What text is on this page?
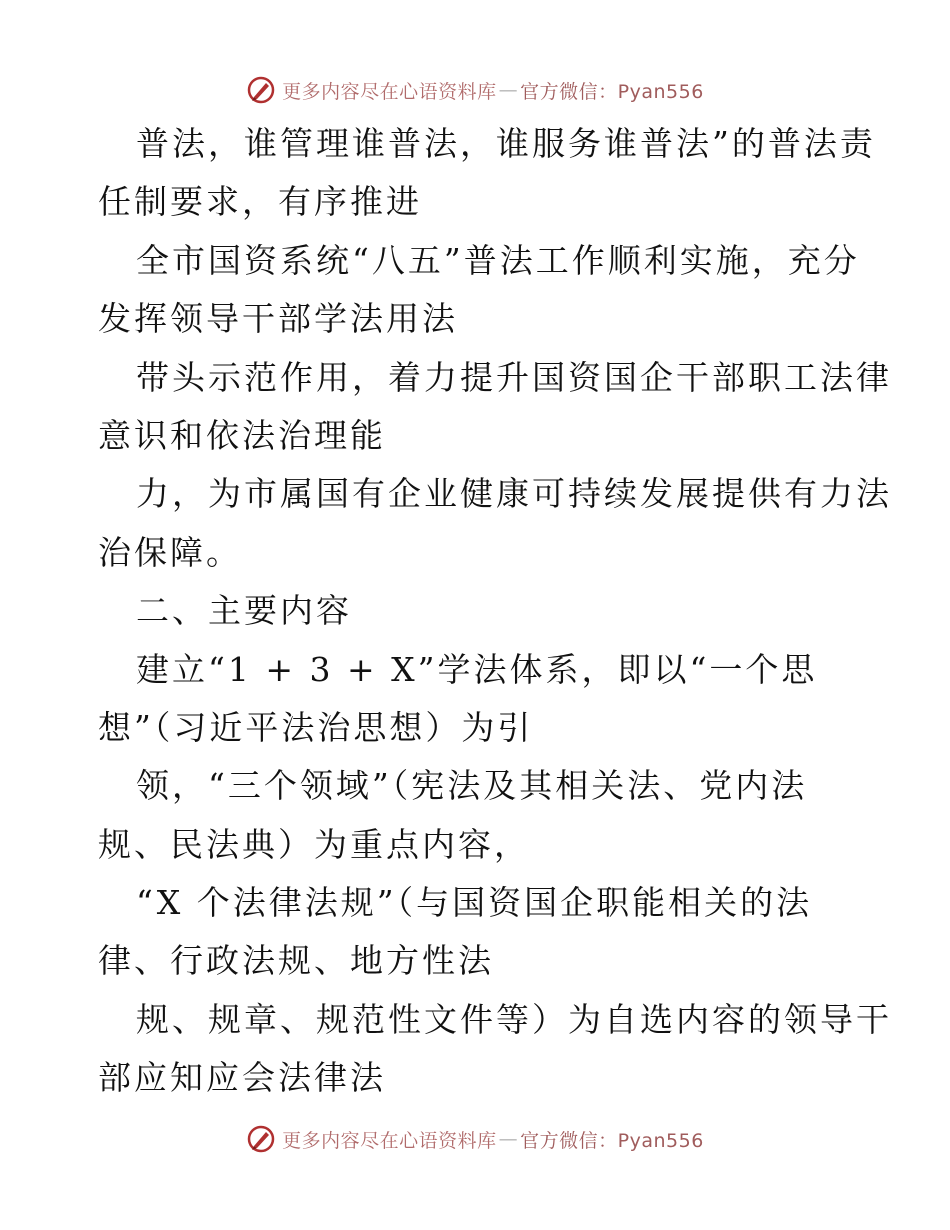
更多内容尽在心语资料库 — 官方微信：Pyan556
普法，谁管理谁普法，谁服务谁普法”的普法责
任制要求，有序推进
全市国资系统“八五”普法工作顺利实施，充分
发挥领导干部学法用法
带头示范作用，着力提升国资国企干部职工法律
意识和依法治理能
力，为市属国有企业健康可持续发展提供有力法
治保障。
二、主要内容
建立“1 + 3 + X”学法体系，即以“一个思
想”（习近平法治思想）为引
领，“三个领域”（宪法及其相关法、党内法
规、民法典）为重点内容，
“X 个法律法规”（与国资国企职能相关的法
律、行政法规、地方性法
规、规章、规范性文件等）为自选内容的领导干
部应知应会法律法
更多内容尽在心语资料库 — 官方微信：Pyan556
